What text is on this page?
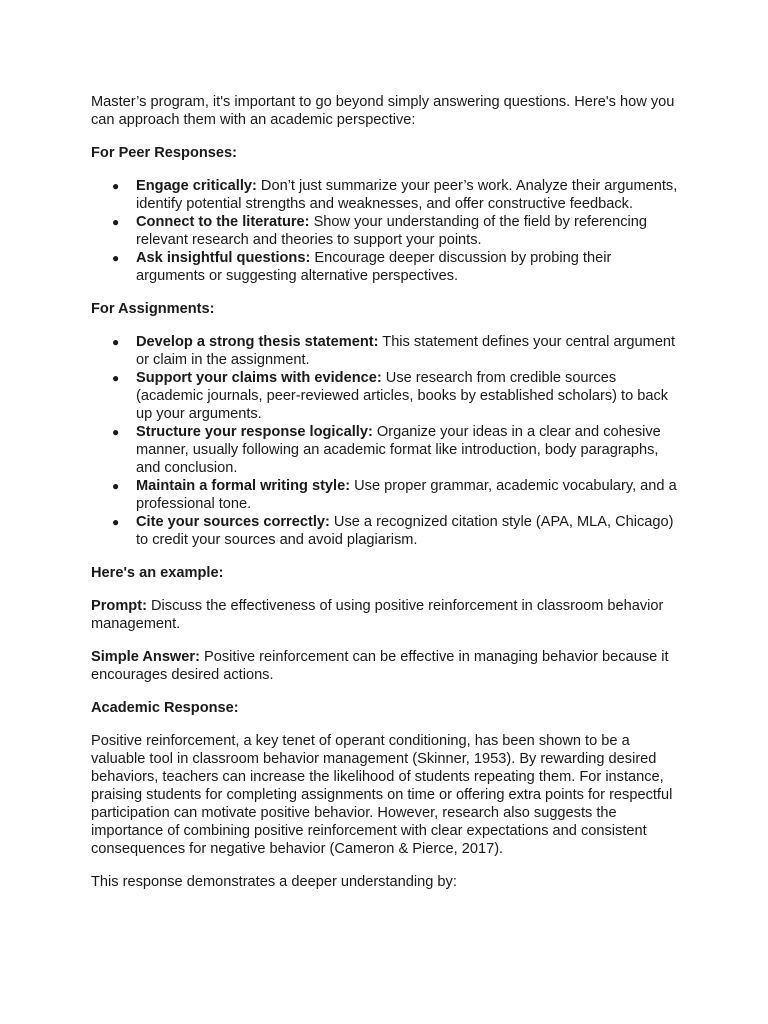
Master’s program, it's important to go beyond simply answering questions. Here's how you can approach them with an academic perspective:

For Peer Responses:

● Engage critically: Don’t just summarize your peer’s work. Analyze their arguments, identify potential strengths and weaknesses, and offer constructive feedback.
● Connect to the literature: Show your understanding of the field by referencing relevant research and theories to support your points.
● Ask insightful questions: Encourage deeper discussion by probing their arguments or suggesting alternative perspectives.

For Assignments:

● Develop a strong thesis statement: This statement defines your central argument or claim in the assignment.
● Support your claims with evidence: Use research from credible sources (academic journals, peer-reviewed articles, books by established scholars) to back up your arguments.
● Structure your response logically: Organize your ideas in a clear and cohesive manner, usually following an academic format like introduction, body paragraphs, and conclusion.
● Maintain a formal writing style: Use proper grammar, academic vocabulary, and a professional tone.
● Cite your sources correctly: Use a recognized citation style (APA, MLA, Chicago) to credit your sources and avoid plagiarism.

Here's an example:

Prompt: Discuss the effectiveness of using positive reinforcement in classroom behavior management.

Simple Answer: Positive reinforcement can be effective in managing behavior because it encourages desired actions.

Academic Response:

Positive reinforcement, a key tenet of operant conditioning, has been shown to be a valuable tool in classroom behavior management (Skinner, 1953). By rewarding desired behaviors, teachers can increase the likelihood of students repeating them. For instance, praising students for completing assignments on time or offering extra points for respectful participation can motivate positive behavior. However, research also suggests the importance of combining positive reinforcement with clear expectations and consistent consequences for negative behavior (Cameron & Pierce, 2017).

This response demonstrates a deeper understanding by:
